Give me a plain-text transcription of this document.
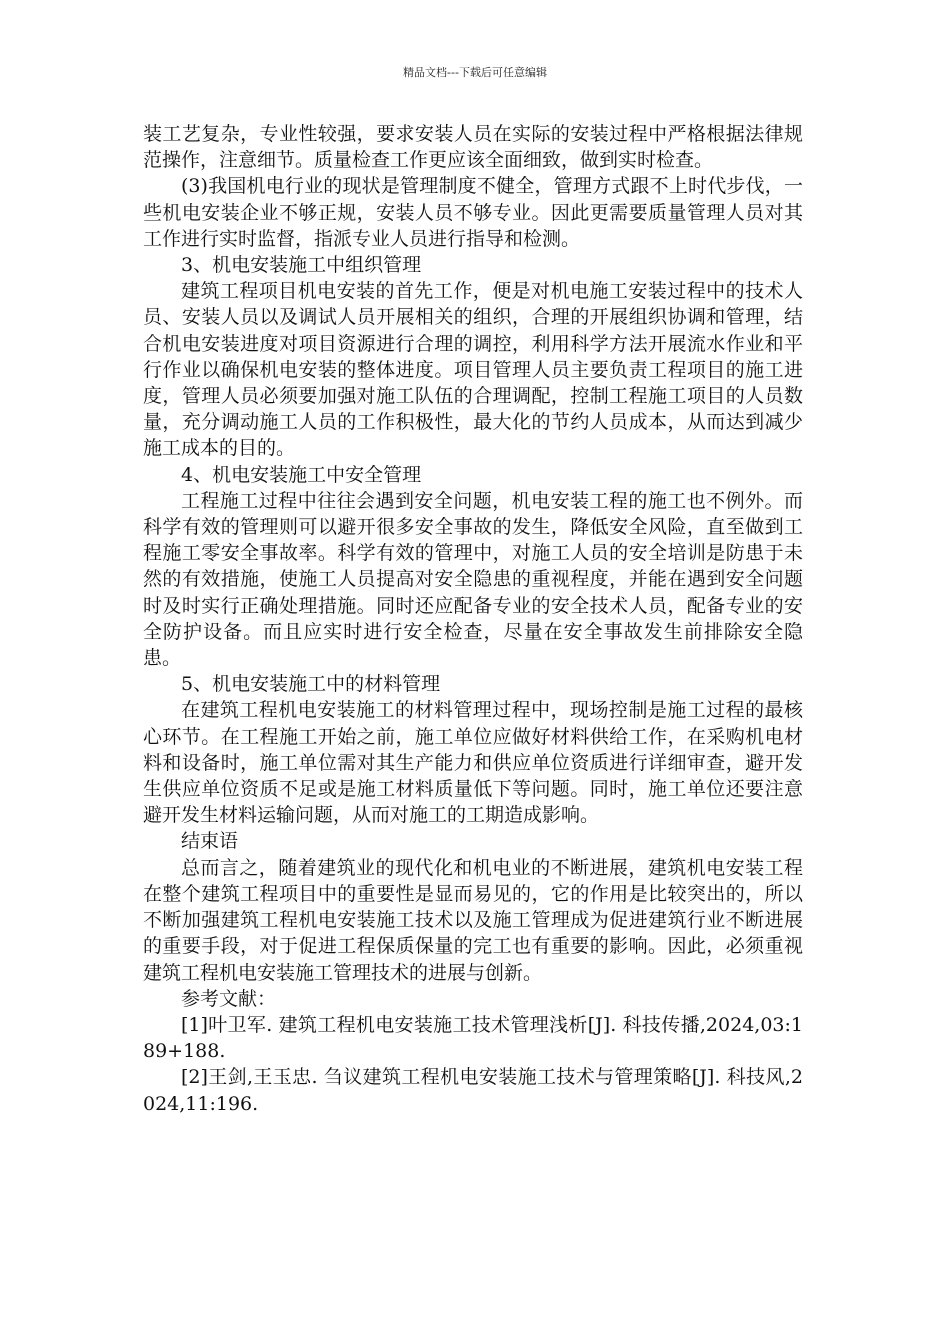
精品文档---下载后可任意编辑

装工艺复杂，专业性较强，要求安装人员在实际的安装过程中严格根据法律规范操作，注意细节。质量检查工作更应该全面细致，做到实时检查。

(3)我国机电行业的现状是管理制度不健全，管理方式跟不上时代步伐，一些机电安装企业不够正规，安装人员不够专业。因此更需要质量管理人员对其工作进行实时监督，指派专业人员进行指导和检测。

3、机电安装施工中组织管理

建筑工程项目机电安装的首先工作，便是对机电施工安装过程中的技术人员、安装人员以及调试人员开展相关的组织，合理的开展组织协调和管理，结合机电安装进度对项目资源进行合理的调控，利用科学方法开展流水作业和平行作业以确保机电安装的整体进度。项目管理人员主要负责工程项目的施工进度，管理人员必须要加强对施工队伍的合理调配，控制工程施工项目的人员数量，充分调动施工人员的工作积极性，最大化的节约人员成本，从而达到减少施工成本的目的。

4、机电安装施工中安全管理

工程施工过程中往往会遇到安全问题，机电安装工程的施工也不例外。而科学有效的管理则可以避开很多安全事故的发生，降低安全风险，直至做到工程施工零安全事故率。科学有效的管理中，对施工人员的安全培训是防患于未然的有效措施，使施工人员提高对安全隐患的重视程度，并能在遇到安全问题时及时实行正确处理措施。同时还应配备专业的安全技术人员，配备专业的安全防护设备。而且应实时进行安全检查，尽量在安全事故发生前排除安全隐患。

5、机电安装施工中的材料管理

在建筑工程机电安装施工的材料管理过程中，现场控制是施工过程的最核心环节。在工程施工开始之前，施工单位应做好材料供给工作，在采购机电材料和设备时，施工单位需对其生产能力和供应单位资质进行详细审查，避开发生供应单位资质不足或是施工材料质量低下等问题。同时，施工单位还要注意避开发生材料运输问题，从而对施工的工期造成影响。

结束语

总而言之，随着建筑业的现代化和机电业的不断进展，建筑机电安装工程在整个建筑工程项目中的重要性是显而易见的，它的作用是比较突出的，所以不断加强建筑工程机电安装施工技术以及施工管理成为促进建筑行业不断进展的重要手段，对于促进工程保质保量的完工也有重要的影响。因此，必须重视建筑工程机电安装施工管理技术的进展与创新。

参考文献：

[1]叶卫军. 建筑工程机电安装施工技术管理浅析[J]. 科技传播,2024,03:189+188.

[2]王剑,王玉忠. 刍议建筑工程机电安装施工技术与管理策略[J]. 科技风,2024,11:196.
